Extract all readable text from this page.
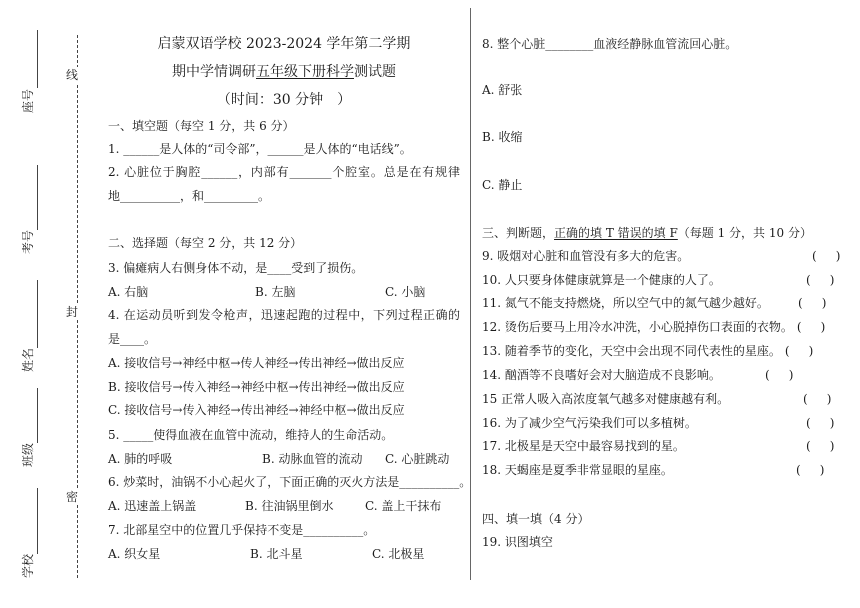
座号
考号
姓名
班级
学校
线
封
密
启蒙双语学校 2023-2024 学年第二学期
期中学情调研五年级下册科学测试题
（时间：30 分钟　）
一、填空题（每空 1 分，共 6 分）
1. ______是人体的“司令部”，______是人体的“电话线”。
2. 心脏位于胸腔______，内部有_______个腔室。总是在有规律
地__________，和_________。
二、选择题（每空 2 分，共 12 分）
3. 偏瘫病人右侧身体不动，是____受到了损伤。
A. 右脑	B. 左脑	C. 小脑
4. 在运动员听到发令枪声，迅速起跑的过程中，下列过程正确的
是____。
A. 接收信号→神经中枢→传人神经→传出神经→做出反应
B. 接收信号→传入神经→神经中枢→传出神经→做出反应
C. 接收信号→传入神经→传出神经→神经中枢→做出反应
5. _____使得血液在血管中流动，维持人的生命活动。
A. 肺的呼吸	B. 动脉血管的流动 C. 心脏跳动
6. 炒菜时，油锅不小心起火了，下面正确的灭火方法是__________。
A. 迅速盖上锅盖	B. 往油锅里倒水	C. 盖上干抹布
7. 北部星空中的位置几乎保持不变是__________。
A. 织女星	B. 北斗星	C. 北极星
8. 整个心脏________血液经静脉血管流回心脏。
A. 舒张
B. 收缩
C. 静止
三、判断题，正确的填 T 错误的填 F（每题 1 分，共 10 分）
9. 吸烟对心脏和血管没有多大的危害。	(     )
10. 人只要身体健康就算是一个健康的人了。	(     )
11. 氮气不能支持燃烧，所以空气中的氮气越少越好。 (     )
12. 烫伤后要马上用冷水冲洗，小心脱掉伤口表面的衣物。 (     )
13. 随着季节的变化，天空中会出现不同代表性的星座。 (     )
14. 酗酒等不良嗜好会对大脑造成不良影响。	(     )
15 正常人吸入高浓度氧气越多对健康越有利。	(     )
16. 为了减少空气污染我们可以多植树。	(     )
17. 北极星是天空中最容易找到的星。	(     )
18. 天蝎座是夏季非常显眼的星座。	(     )
四、填一填（4 分）
19. 识图填空
